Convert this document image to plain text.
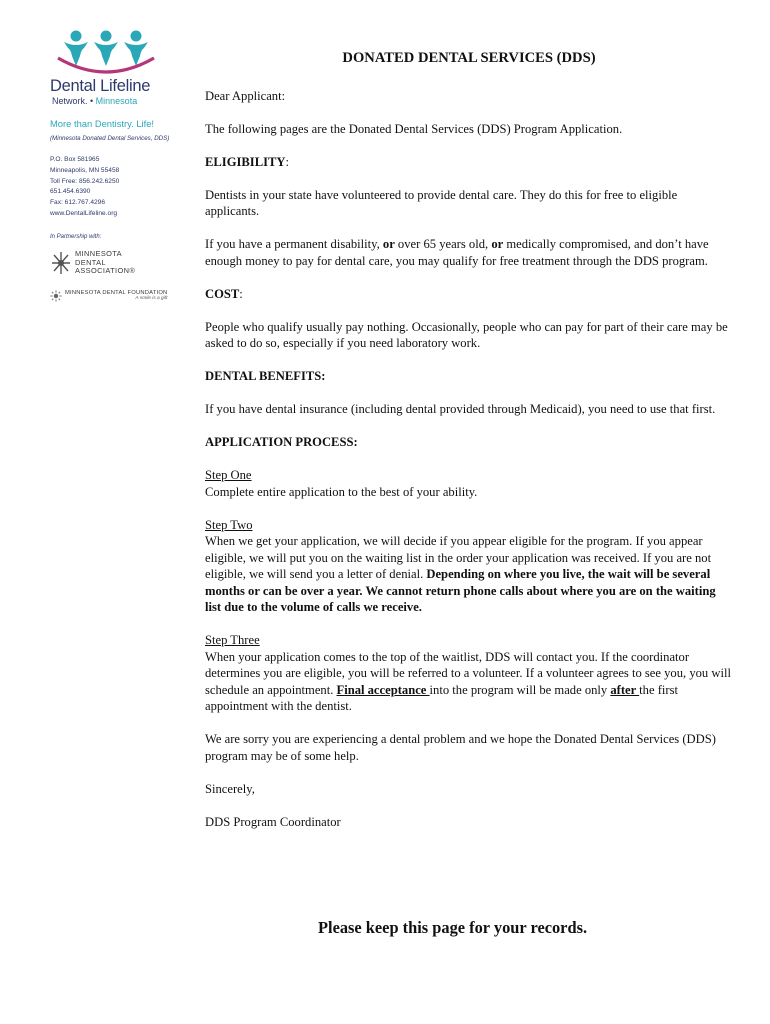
Dental Lifeline
Network. • Minnesota
More than Dentistry. Life!
(Minnesota Donated Dental Services, DDS)
P.O. Box 581965
Minneapolis, MN 55458
Toll Free: 856.242.6250
651.454.6390
Fax: 612.767.4296
www.DentalLifeline.org
In Partnership with:
MINNESOTA
DENTAL
ASSOCIATION®
MINNESOTA DENTAL FOUNDATION
A smile is a gift
DONATED DENTAL SERVICES (DDS)

Dear Applicant:

The following pages are the Donated Dental Services (DDS) Program Application.

ELIGIBILITY:

Dentists in your state have volunteered to provide dental care. They do this for free to eligible applicants.

If you have a permanent disability, or over 65 years old, or medically compromised, and don’t have enough money to pay for dental care, you may qualify for free treatment through the DDS program.

COST:

People who qualify usually pay nothing. Occasionally, people who can pay for part of their care may be asked to do so, especially if you need laboratory work.

DENTAL BENEFITS:

If you have dental insurance (including dental provided through Medicaid), you need to use that first.

APPLICATION PROCESS:

Step One
Complete entire application to the best of your ability.
Step Two
When we get your application, we will decide if you appear eligible for the program. If you appear eligible, we will put you on the waiting list in the order your application was received. If you are not eligible, we will send you a letter of denial. Depending on where you live, the wait will be several months or can be over a year. We cannot return phone calls about where you are on the waiting list due to the volume of calls we receive.
Step Three
When your application comes to the top of the waitlist, DDS will contact you. If the coordinator determines you are eligible, you will be referred to a volunteer. If a volunteer agrees to see you, you will schedule an appointment. Final acceptance into the program will be made only after the first appointment with the dentist.

We are sorry you are experiencing a dental problem and we hope the Donated Dental Services (DDS) program may be of some help.

Sincerely,

DDS Program Coordinator

Please keep this page for your records.
